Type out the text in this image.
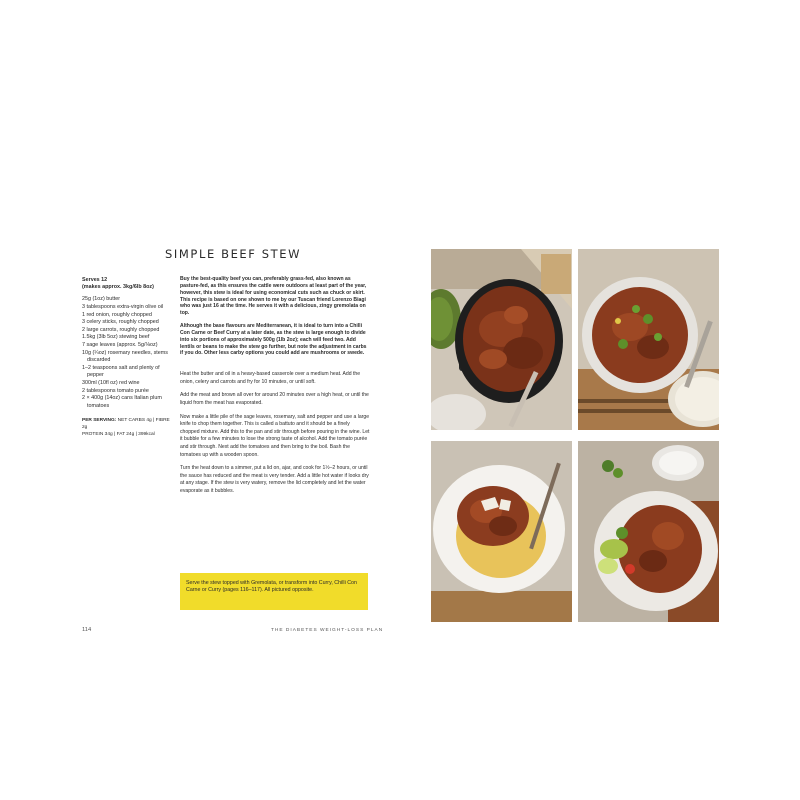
SIMPLE BEEF STEW

Serves 12

(makes approx. 3kg/6lb 8oz)

25g (1oz) butter
3 tablespoons extra-virgin olive oil
1 red onion, roughly chopped
3 celery sticks, roughly chopped
2 large carrots, roughly chopped
1.5kg (3lb 5oz) stewing beef
7 sage leaves (approx. 5g/⅛oz)
10g (¼oz) rosemary needles, stems
discarded
1–2 teaspoons salt and plenty of
pepper
300ml (10fl oz) red wine
2 tablespoons tomato purée
2 × 400g (14oz) cans Italian plum
tomatoes
PER SERVING: NET CARBS 4g | FIBRE 2g
PROTEIN 34g | FAT 24g | 399kcal

Buy the best-quality beef you can, preferably grass-fed, also known as pasture-fed, as this ensures the cattle were outdoors at least part of the year, however, this stew is ideal for using economical cuts such as chuck or skirt. This recipe is based on one shown to me by our Tuscan friend Lorenzo Biagi who was just 16 at the time. He serves it with a delicious, zingy gremolata on top.

Although the base flavours are Mediterranean, it is ideal to turn into a Chilli Con Carne or Beef Curry at a later date, as the stew is large enough to divide into six portions of approximately 500g (1lb 2oz); each will feed two. Add lentils or beans to make the stew go further, but note the adjustment in carbs if you do. Other less carby options you could add are mushrooms or swede.

Heat the butter and oil in a heavy-based casserole over a medium heat. Add the onion, celery and carrots and fry for 10 minutes, or until soft.

Add the meat and brown all over for around 20 minutes over a high heat, or until the liquid from the meat has evaporated.

Now make a little pile of the sage leaves, rosemary, salt and pepper and use a large knife to chop them together. This is called a battuto and it should be a finely chopped mixture. Add this to the pan and stir through before pouring in the wine. Let it bubble for a few minutes to lose the strong taste of alcohol. Add the tomato purée and stir through. Next add the tomatoes and then bring to the boil. Bash the tomatoes up with a wooden spoon.

Turn the heat down to a simmer, put a lid on, ajar, and cook for 1½–2 hours, or until the sauce has reduced and the meat is very tender. Add a little hot water if looks dry at any stage. If the stew is very watery, remove the lid completely and let the water evaporate as it bubbles.

Serve the stew topped with Gremolata, or transform into Curry, Chilli Con Carne or Curry (pages 116–117). All pictured opposite.
114	THE DIABETES WEIGHT-LOSS PLAN
